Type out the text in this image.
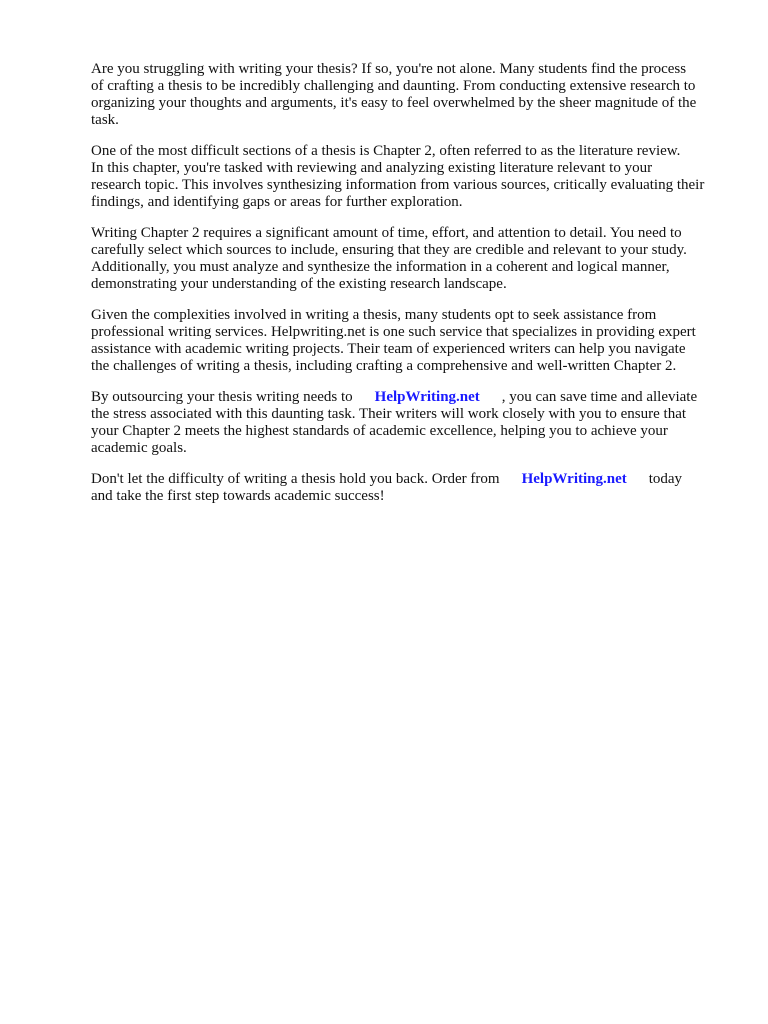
Are you struggling with writing your thesis? If so, you're not alone. Many students find the process
of crafting a thesis to be incredibly challenging and daunting. From conducting extensive research to
organizing your thoughts and arguments, it's easy to feel overwhelmed by the sheer magnitude of the
task.

One of the most difficult sections of a thesis is Chapter 2, often referred to as the literature review.
In this chapter, you're tasked with reviewing and analyzing existing literature relevant to your
research topic. This involves synthesizing information from various sources, critically evaluating their
findings, and identifying gaps or areas for further exploration.

Writing Chapter 2 requires a significant amount of time, effort, and attention to detail. You need to
carefully select which sources to include, ensuring that they are credible and relevant to your study.
Additionally, you must analyze and synthesize the information in a coherent and logical manner,
demonstrating your understanding of the existing research landscape.

Given the complexities involved in writing a thesis, many students opt to seek assistance from
professional writing services. Helpwriting.net is one such service that specializes in providing expert
assistance with academic writing projects. Their team of experienced writers can help you navigate
the challenges of writing a thesis, including crafting a comprehensive and well-written Chapter 2.

By outsourcing your thesis writing needs to HelpWriting.net , you can save time and alleviate
the stress associated with this daunting task. Their writers will work closely with you to ensure that
your Chapter 2 meets the highest standards of academic excellence, helping you to achieve your
academic goals.

Don't let the difficulty of writing a thesis hold you back. Order from HelpWriting.net today
and take the first step towards academic success!
